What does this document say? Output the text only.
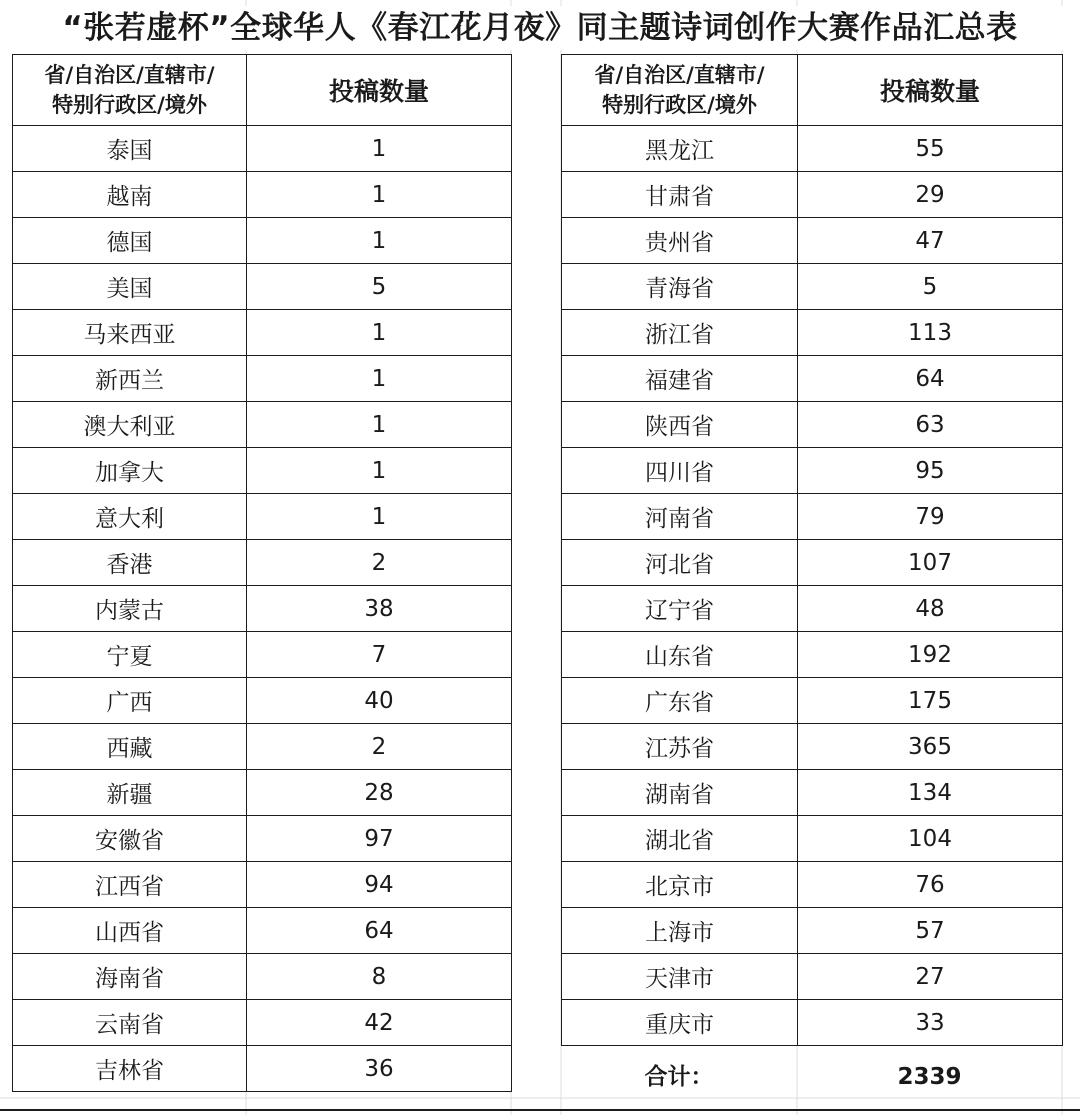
“张若虚杯”全球华人《春江花月夜》同主题诗词创作大赛作品汇总表
省/自治区/直辖市/
特别行政区/境外	投稿数量
泰国	1
越南	1
德国	1
美国	5
马来西亚	1
新西兰	1
澳大利亚	1
加拿大	1
意大利	1
香港	2
内蒙古	38
宁夏	7
广西	40
西藏	2
新疆	28
安徽省	97
江西省	94
山西省	64
海南省	8
云南省	42
吉林省	36
省/自治区/直辖市/
特别行政区/境外	投稿数量
黑龙江	55
甘肃省	29
贵州省	47
青海省	5
浙江省	113
福建省	64
陕西省	63
四川省	95
河南省	79
河北省	107
辽宁省	48
山东省	192
广东省	175
江苏省	365
湖南省	134
湖北省	104
北京市	76
上海市	57
天津市	27
重庆市	33
合计：	2339
